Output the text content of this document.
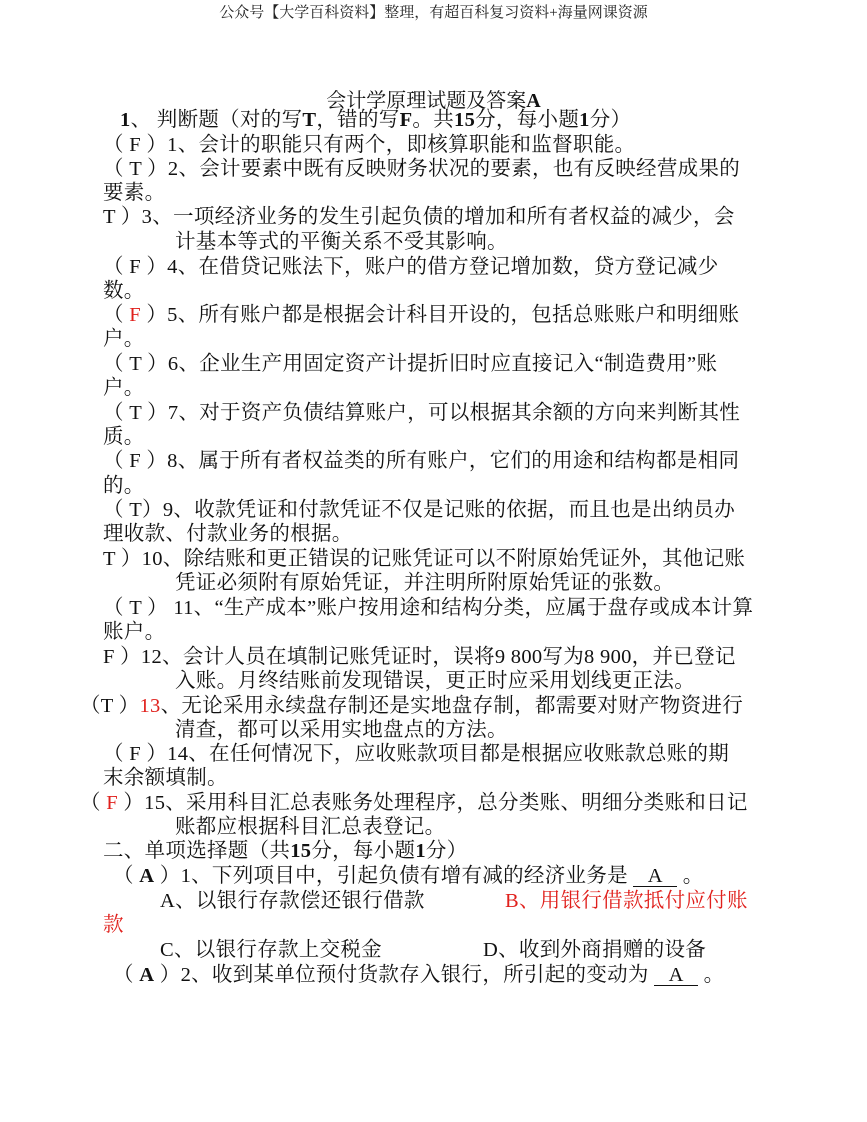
公众号【大学百科资料】整理，有超百科复习资料+海量网课资源
会计学原理试题及答案A
1、 判断题（对的写T，错的写F。共15分，每小题1分）
（ F ）1、会计的职能只有两个，即核算职能和监督职能。
（ T ）2、会计要素中既有反映财务状况的要素，也有反映经营成果的
要素。
T ）3、一项经济业务的发生引起负债的增加和所有者权益的减少，会
计基本等式的平衡关系不受其影响。
（ F ）4、在借贷记账法下，账户的借方登记增加数，贷方登记减少
数。
（ F ）5、所有账户都是根据会计科目开设的，包括总账账户和明细账
户。
（ T ）6、企业生产用固定资产计提折旧时应直接记入“制造费用”账
户。
（ T ）7、对于资产负债结算账户，可以根据其余额的方向来判断其性
质。
（ F ）8、属于所有者权益类的所有账户，它们的用途和结构都是相同
的。
（ T）9、收款凭证和付款凭证不仅是记账的依据，而且也是出纳员办
理收款、付款业务的根据。
T ）10、除结账和更正错误的记账凭证可以不附原始凭证外，其他记账
凭证必须附有原始凭证，并注明所附原始凭证的张数。
（ T ） 11、“生产成本”账户按用途和结构分类，应属于盘存或成本计算
账户。
F ）12、会计人员在填制记账凭证时，误将9 800写为8 900，并已登记
入账。月终结账前发现错误，更正时应采用划线更正法。
（T ）13、无论采用永续盘存制还是实地盘存制，都需要对财产物资进行
清查，都可以采用实地盘点的方法。
（ F ）14、在任何情况下，应收账款项目都是根据应收账款总账的期
末余额填制。
（ F ）15、采用科目汇总表账务处理程序，总分类账、明细分类账和日记
账都应根据科目汇总表登记。
二、单项选择题（共15分，每小题1分）
（ A ）1、下列项目中，引起负债有增有减的经济业务是 A 。
A、以银行存款偿还银行借款	B、用银行借款抵付应付账
款
C、以银行存款上交税金	D、收到外商捐赠的设备
（ A ）2、收到某单位预付货款存入银行，所引起的变动为 A 。
